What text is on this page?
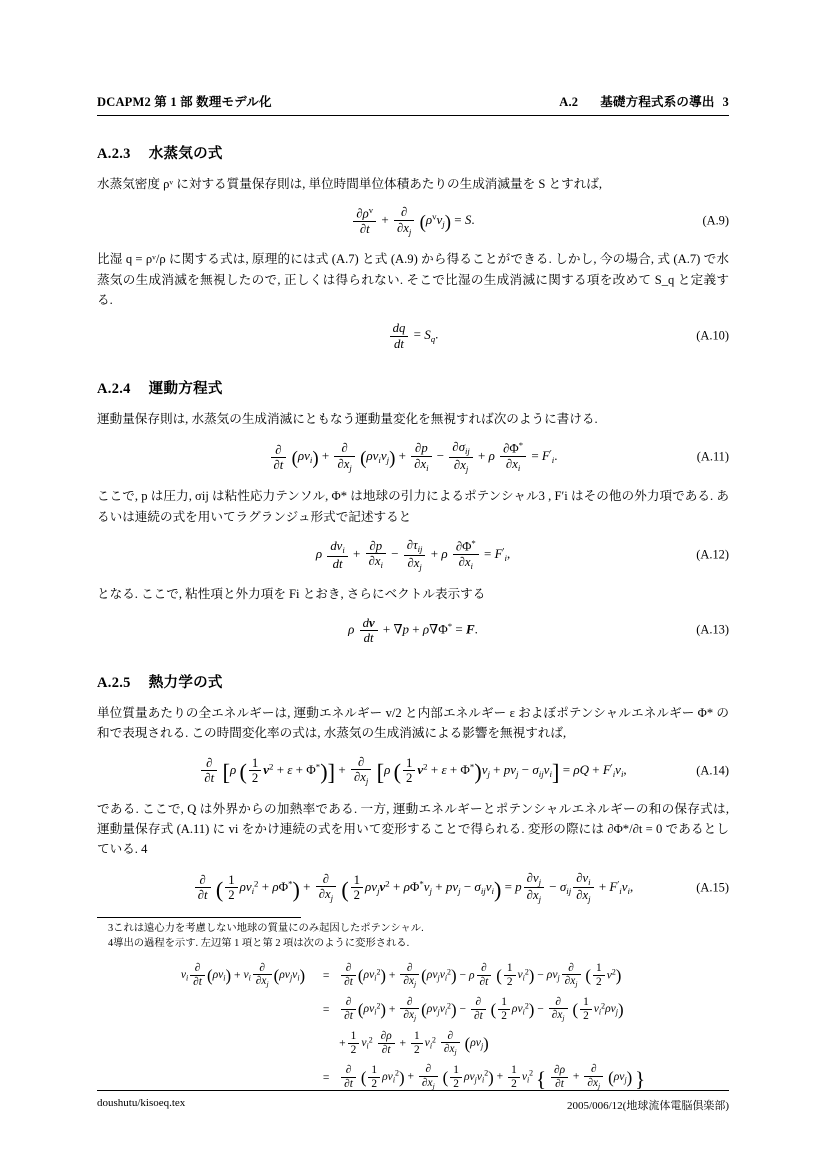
DCAPM2 第 1 部 数理モデル化	A.2 基礎方程式系の導出 3
A.2.3 水蒸気の式

水蒸気密度 ρᵛ に対する質量保存則は, 単位時間単位体積あたりの生成消滅量を S とすれば,

$\frac{\partial\rho^v}{\partial t} + \frac{\partial}{\partial x_j} (\rho^vv_j) = S$.	(A.9)

比湿 q = ρᵛ/ρ に関する式は, 原理的には式 (A.7) と式 (A.9) から得ることができる. しかし, 今の場合, 式 (A.7) で水蒸気の生成消滅を無視したので, 正しくは得られない. そこで比湿の生成消滅に関する項を改めて S_q と定義する.

$\frac{dq}{dt} = S_q$.	(A.10)
A.2.4 運動方程式

運動量保存則は, 水蒸気の生成消滅にともなう運動量変化を無視すれば次のように書ける.

$\frac{\partial}{\partial t} (\rho v_i) + \frac{\partial}{\partial x_j} (\rho v_iv_j) + \frac{\partial p}{\partial x_i} - \frac{\partial\sigma_{ij}}{\partial x_j} + \rho \frac{\partial\Phi^*}{\partial x_i} = F'_i$.	(A.11)

ここで, p は圧力, σij は粘性応力テンソル, Φ* は地球の引力によるポテンシャル3 , F′i はその他の外力項である. あるいは連続の式を用いてラグランジュ形式で記述すると

ρ $\frac{dv_i}{dt} + \frac{\partial p}{\partial x_i} - \frac{\partial\tau_{ij}}{\partial x_j} + \rho \frac{\partial\Phi^*}{\partial x_i} = F'_i$,	(A.12)

となる. ここで, 粘性項と外力項を Fi とおき, さらにベクトル表示する

ρ $\frac{dv}{dt} + \nabla p + \rho\nabla\Phi^* = F$.	(A.13)
A.2.5 熱力学の式

単位質量あたりの全エネルギーは, 運動エネルギー v/2 と内部エネルギー ε およぼポテンシャルエネルギー Φ* の和で表現される. この時間変化率の式は, 水蒸気の生成消滅による影響を無視すれば,

$\frac{\partial}{\partial t} [\rho$ ( $\frac{1}{2} v^2 + \varepsilon + \Phi^*)] + \frac{\partial}{\partial x_j} [\rho$ ( $\frac{1}{2} v^2 + \varepsilon + \Phi^*)v_j + pv_j - \sigma_{ij}v_i] = \rho Q + F'_iv_i$,	(A.14)

である. ここで, Q は外界からの加熱率である. 一方, 運動エネルギーとポテンシャルエネルギーの和の保存式は, 運動量保存式 (A.11) に vi をかけ連続の式を用いて変形することで得られる. 変形の際には ∂Φ*/∂t = 0 であるとしている. 4

$\frac{\partial}{\partial t}$ ( $\frac{1}{2} \rho v_i^2 + \rho\Phi^*) + \frac{\partial}{\partial x_j}$ ( $\frac{1}{2} \rho v_jv^2 + \rho\Phi^*v_j + pv_j - \sigma_{ij}v_i) = p \frac{\partial v_j}{\partial x_j} - \sigma_{ij} \frac{\partial v_i}{\partial x_j} + F'_iv_i$,	(A.15)

3これは遠心力を考慮しない地球の質量にのみ起因したポテンシャル.

4導出の過程を示す. 左辺第 1 項と第 2 項は次のように変形される.

$v_i \frac{\partial}{\partial t} (\rho v_i) + v_i \frac{\partial}{\partial x_j} (\rho v_jv_i)$	=	$\frac{\partial}{\partial t} (\rho v_i^2) + \frac{\partial}{\partial x_j} (\rho v_jv_i^2) - \rho \frac{\partial}{\partial t}$ ( $\frac{1}{2} v_i^2) - \rho v_j \frac{\partial}{\partial x_j}$ ( $\frac{1}{2} v^2$)
	=	$\frac{\partial}{\partial t} (\rho v_i^2) + \frac{\partial}{\partial x_j} (\rho v_jv_i^2) - \frac{\partial}{\partial t}$ ( $\frac{1}{2} \rho v_i^2) - \frac{\partial}{\partial x_j}$ ( $\frac{1}{2} v_i^2\rho v_j$)
		+ $\frac{1}{2} v_i^2 \frac{\partial\rho}{\partial t} + \frac{1}{2} v_i^2 \frac{\partial}{\partial x_j} (\rho v_j)$
	=	$\frac{\partial}{\partial t}$ ( $\frac{1}{2} \rho v_i^2) + \frac{\partial}{\partial x_j}$ ( $\frac{1}{2} \rho v_jv_i^2) + \frac{1}{2} v_i^2$ { $\frac{\partial\rho}{\partial t} + \frac{\partial}{\partial x_j} (\rho v_j)$ }
doushutu/kisoeq.tex	2005/006/12(地球流体電脳倶楽部)
